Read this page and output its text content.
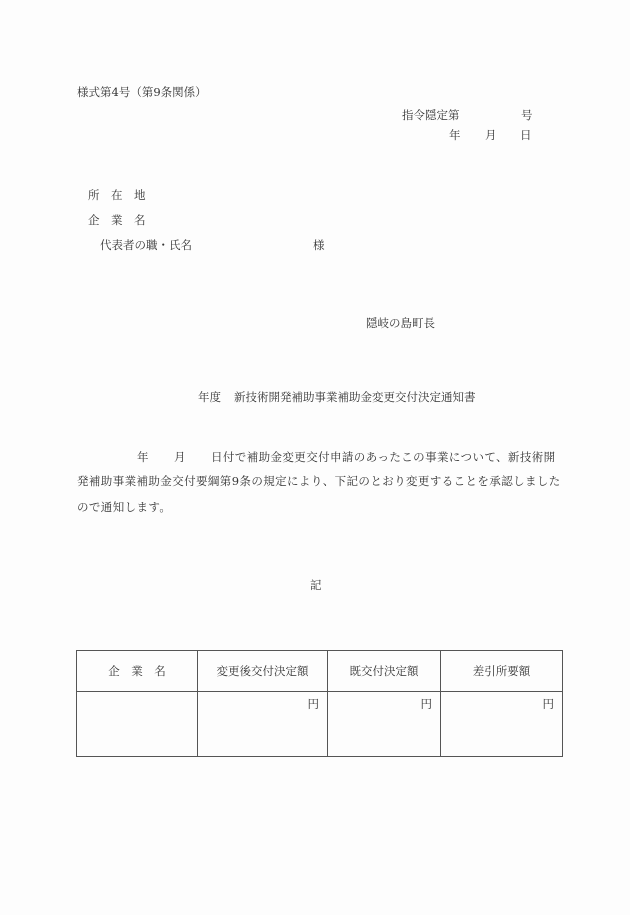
様式第4号（第9条関係）
指令隠定第	号
年 月 日
所　在　地
企　業　名
代表者の職・氏名	様
隠岐の島町長
年度 新技術開発補助事業補助金変更交付決定通知書
年 月 日付で補助金変更交付申請のあったこの事業について、新技術開

発補助事業補助金交付要綱第9条の規定により、下記のとおり変更することを承認しましたので通知します。

記
企　業　名	変更後交付決定額	既交付決定額	差引所要額
	円	円	円
